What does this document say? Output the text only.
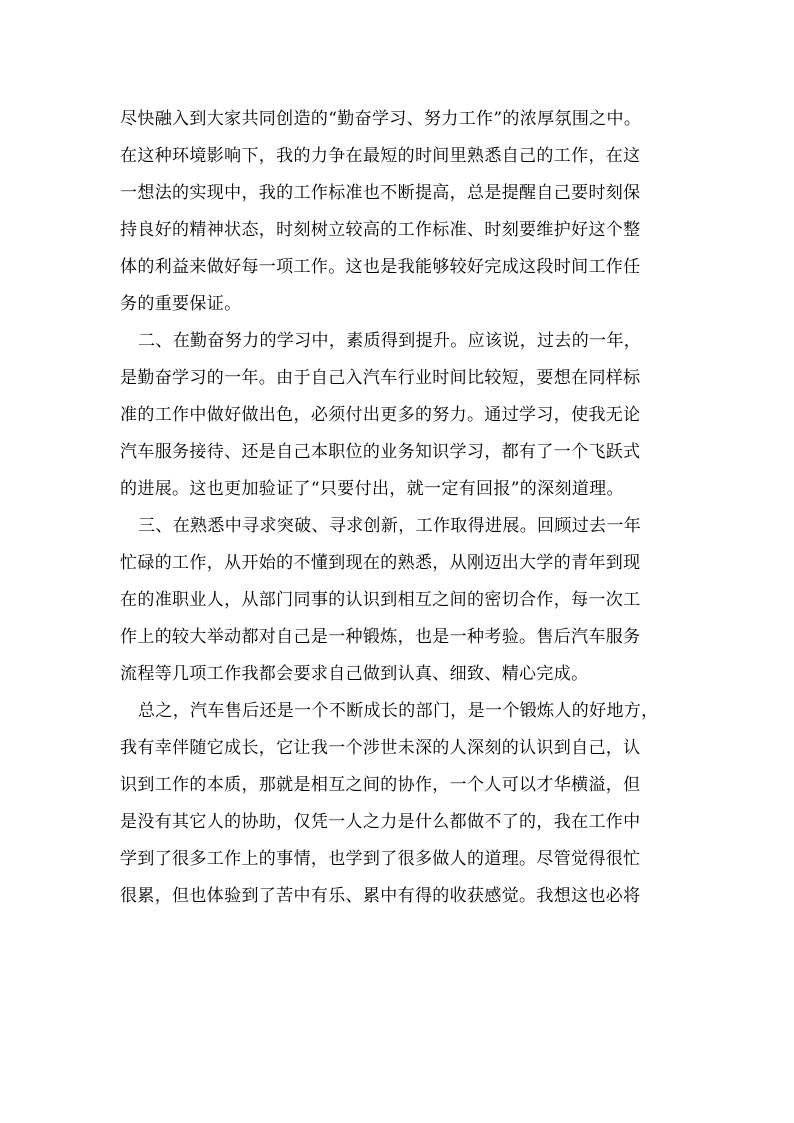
尽快融入到大家共同创造的“勤奋学习、努力工作”的浓厚氛围之中。
在这种环境影响下，我的力争在最短的时间里熟悉自己的工作，在这
一想法的实现中，我的工作标准也不断提高，总是提醒自己要时刻保
持良好的精神状态，时刻树立较高的工作标准、时刻要维护好这个整
体的利益来做好每一项工作。这也是我能够较好完成这段时间工作任
务的重要保证。
二、在勤奋努力的学习中，素质得到提升。应该说，过去的一年，
是勤奋学习的一年。由于自己入汽车行业时间比较短，要想在同样标
准的工作中做好做出色，必须付出更多的努力。通过学习，使我无论
汽车服务接待、还是自己本职位的业务知识学习，都有了一个飞跃式
的进展。这也更加验证了“只要付出，就一定有回报”的深刻道理。
三、在熟悉中寻求突破、寻求创新，工作取得进展。回顾过去一年
忙碌的工作，从开始的不懂到现在的熟悉，从刚迈出大学的青年到现
在的准职业人，从部门同事的认识到相互之间的密切合作，每一次工
作上的较大举动都对自己是一种锻炼，也是一种考验。售后汽车服务
流程等几项工作我都会要求自己做到认真、细致、精心完成。
总之，汽车售后还是一个不断成长的部门，是一个锻炼人的好地方，
我有幸伴随它成长，它让我一个涉世未深的人深刻的认识到自己，认
识到工作的本质，那就是相互之间的协作，一个人可以才华横溢，但
是没有其它人的协助，仅凭一人之力是什么都做不了的，我在工作中
学到了很多工作上的事情，也学到了很多做人的道理。尽管觉得很忙
很累，但也体验到了苦中有乐、累中有得的收获感觉。我想这也必将
